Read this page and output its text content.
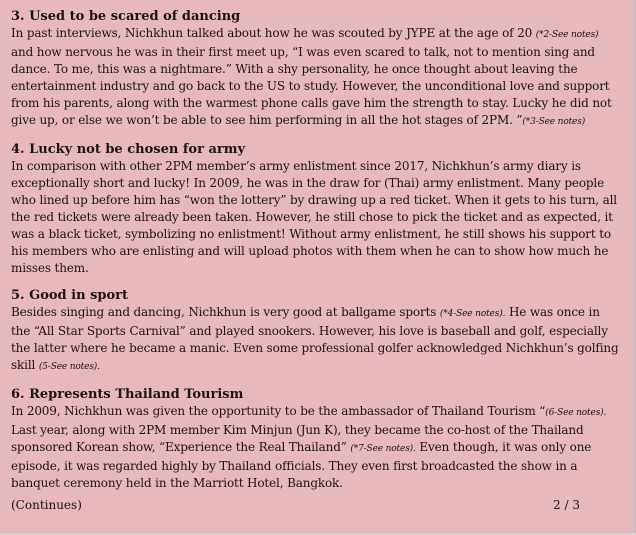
3. Used to be scared of dancing

In past interviews, Nichkhun talked about how he was scouted by JYPE at the age of 20 (*2-See notes) and how nervous he was in their first meet up, “I was even scared to talk, not to mention sing and dance. To me, this was a nightmare.” With a shy personality, he once thought about leaving the entertainment industry and go back to the US to study. However, the unconditional love and support from his parents, along with the warmest phone calls gave him the strength to stay. Lucky he did not give up, or else we won’t be able to see him performing in all the hot stages of 2PM. ”(*3-See notes)

4. Lucky not be chosen for army

In comparison with other 2PM member’s army enlistment since 2017, Nichkhun’s army diary is exceptionally short and lucky! In 2009, he was in the draw for (Thai) army enlistment. Many people who lined up before him has “won the lottery” by drawing up a red ticket. When it gets to his turn, all the red tickets were already been taken. However, he still chose to pick the ticket and as expected, it was a black ticket, symbolizing no enlistment! Without army enlistment, he still shows his support to his members who are enlisting and will upload photos with them when he can to show how much he misses them.

5. Good in sport

Besides singing and dancing, Nichkhun is very good at ballgame sports (*4-See notes). He was once in the “All Star Sports Carnival” and played snookers. However, his love is baseball and golf, especially the latter where he became a manic. Even some professional golfer acknowledged Nichkhun’s golfing skill (5-See notes).

6. Represents Thailand Tourism

In 2009, Nichkhun was given the opportunity to be the ambassador of Thailand Tourism “(6-See notes). Last year, along with 2PM member Kim Minjun (Jun K), they became the co-host of the Thailand sponsored Korean show, “Experience the Real Thailand” (*7-See notes). Even though, it was only one episode, it was regarded highly by Thailand officials. They even first broadcasted the show in a banquet ceremony held in the Marriott Hotel, Bangkok.

(Continues)	2 / 3
